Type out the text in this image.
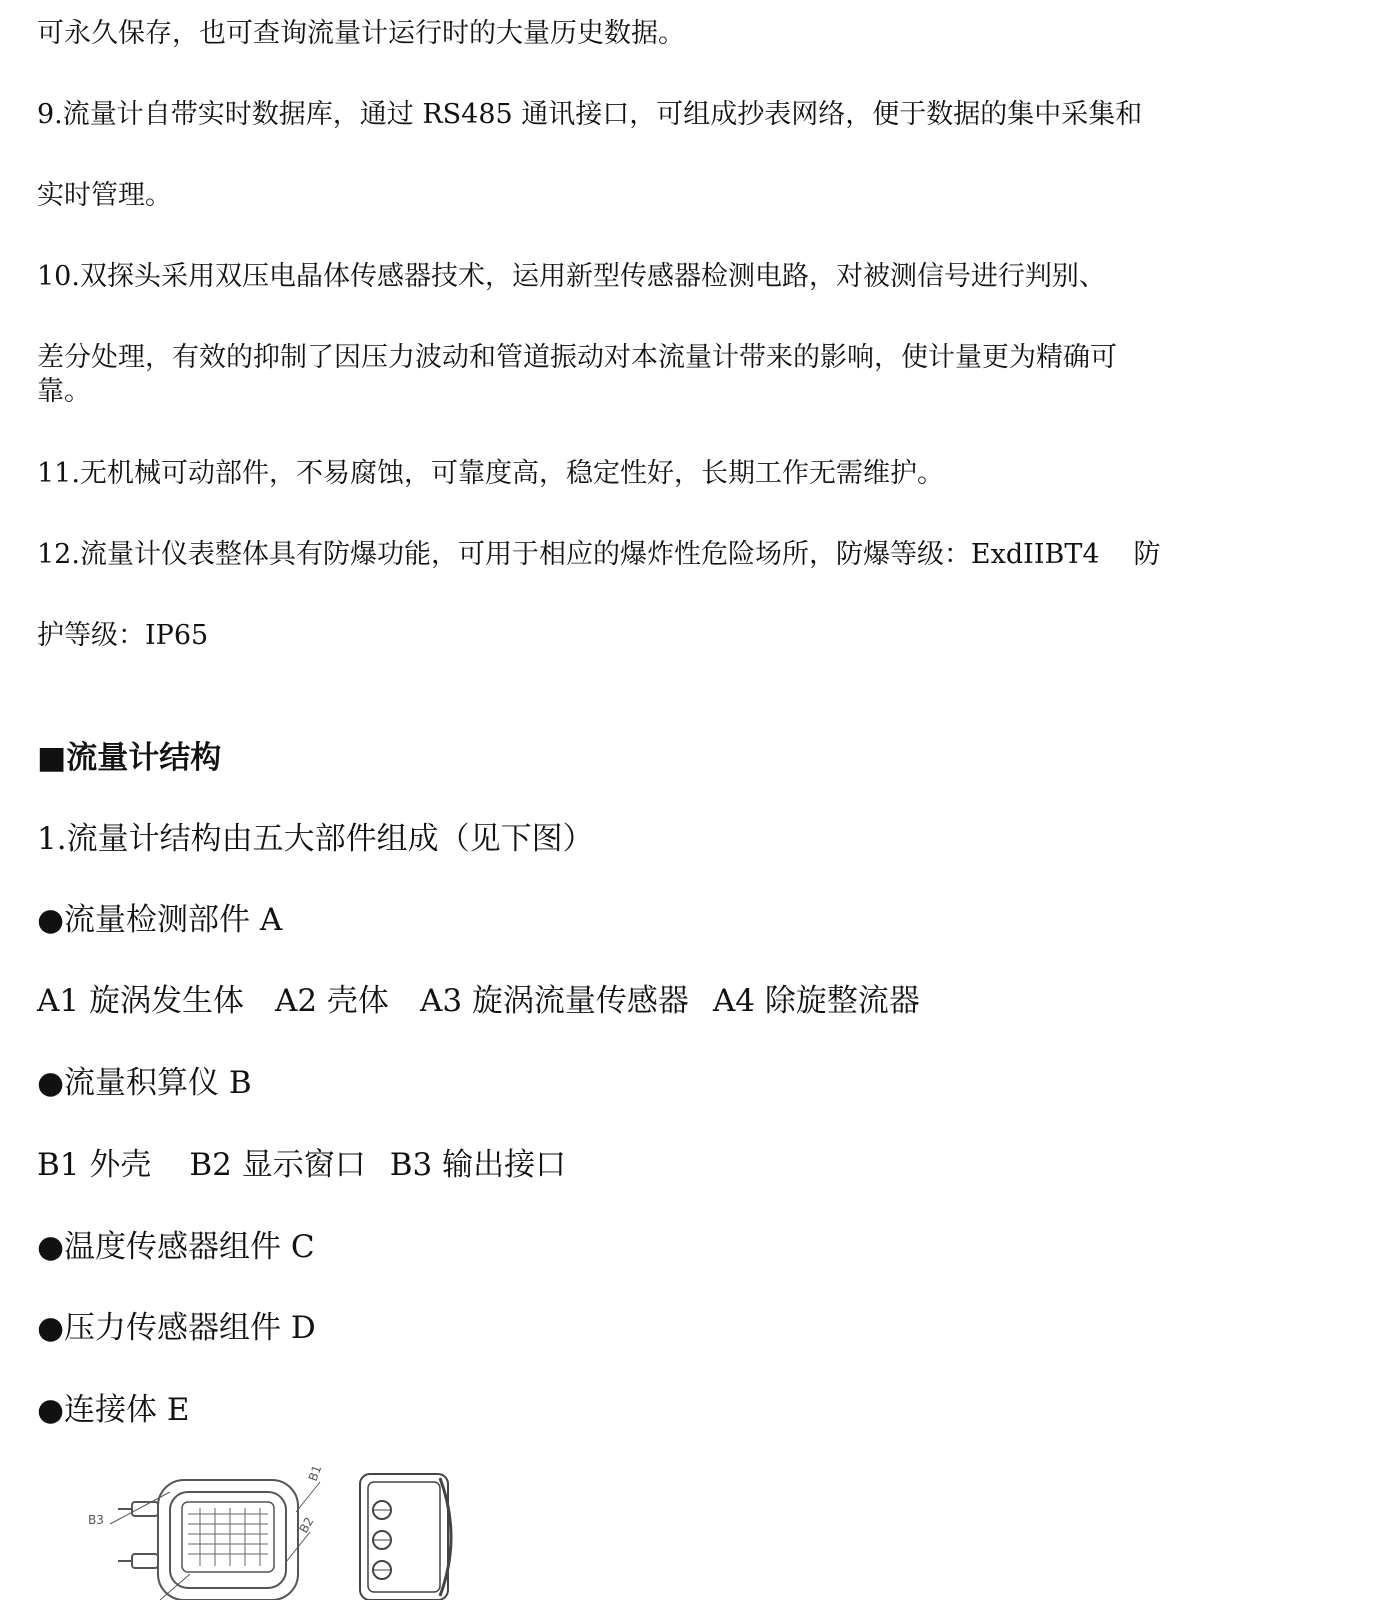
可永久保存，也可查询流量计运行时的大量历史数据。
9.流量计自带实时数据库，通过 RS485 通讯接口，可组成抄表网络，便于数据的集中采集和
实时管理。
10.双探头采用双压电晶体传感器技术，运用新型传感器检测电路，对被测信号进行判别、
差分处理，有效的抑制了因压力波动和管道振动对本流量计带来的影响，使计量更为精确可
靠。
11.无机械可动部件，不易腐蚀，可靠度高，稳定性好，长期工作无需维护。
12.流量计仪表整体具有防爆功能，可用于相应的爆炸性危险场所，防爆等级：ExdIIBT4 防
护等级：IP65
■流量计结构
1.流量计结构由五大部件组成（见下图）
●流量检测部件 A
A1 旋涡发生体 A2 壳体 A3 旋涡流量传感器 A4 除旋整流器
●流量积算仪 B
B1 外壳 B2 显示窗口 B3 输出接口
●温度传感器组件 C
●压力传感器组件 D
●连接体 E
B3
B1
B2
